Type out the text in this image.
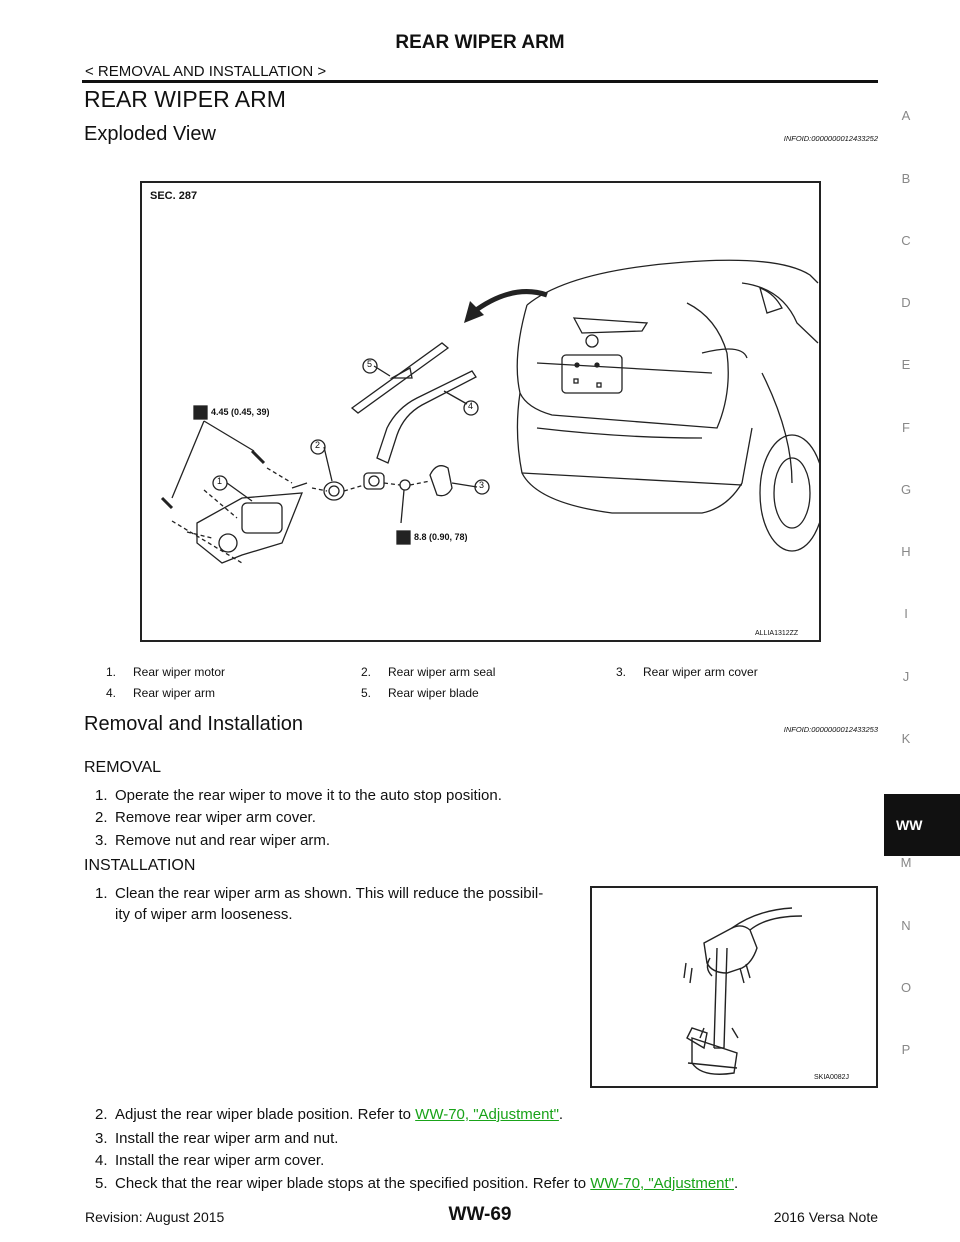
REAR WIPER ARM
< REMOVAL AND INSTALLATION >
REAR WIPER ARM
Exploded View	INFOID:0000000012433252
A
B
C
D
E
F
G
H
I
J
K
WW
M
N
O
P
SEC. 287
2
1
5
4
3
4.45 (0.45, 39)
8.8 (0.90, 78)
ALLIA1312ZZ
1. Rear wiper motor	2. Rear wiper arm seal	3. Rear wiper arm cover
4. Rear wiper arm	5. Rear wiper blade
Removal and Installation	INFOID:0000000012433253
REMOVAL
1. Operate the rear wiper to move it to the auto stop position.
2. Remove rear wiper arm cover.
3. Remove nut and rear wiper arm.
INSTALLATION
1. Clean the rear wiper arm as shown. This will reduce the possibil-
ity of wiper arm looseness.
SKIA0082J
2. Adjust the rear wiper blade position. Refer to WW-70, "Adjustment".
3. Install the rear wiper arm and nut.
4. Install the rear wiper arm cover.
5. Check that the rear wiper blade stops at the specified position. Refer to WW-70, "Adjustment".
Revision: August 2015	WW-69	2016 Versa Note
